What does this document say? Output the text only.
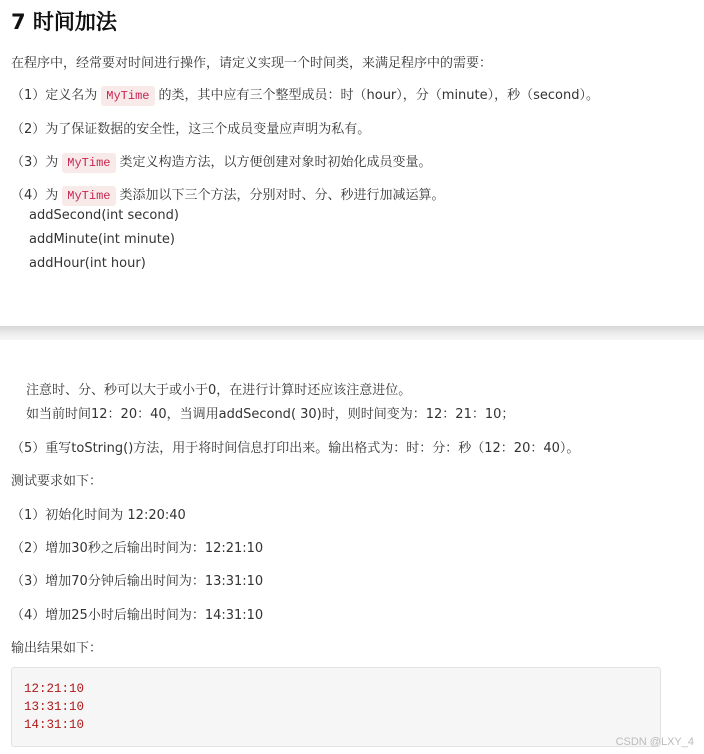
7 时间加法
在程序中，经常要对时间进行操作，请定义实现一个时间类，来满足程序中的需要：
（1）定义名为 MyTime 的类，其中应有三个整型成员：时（hour），分（minute），秒（second）。
（2）为了保证数据的安全性，这三个成员变量应声明为私有。
（3）为 MyTime 类定义构造方法，以方便创建对象时初始化成员变量。
（4）为 MyTime 类添加以下三个方法，分别对时、分、秒进行加减运算。
addSecond(int second)
addMinute(int minute)
addHour(int hour)
注意时、分、秒可以大于或小于0，在进行计算时还应该注意进位。
如当前时间12：20：40，当调用addSecond( 30)时，则时间变为：12：21：10；
（5）重写toString()方法，用于将时间信息打印出来。输出格式为：时：分：秒（12：20：40）。
测试要求如下：
（1）初始化时间为 12:20:40
（2）增加30秒之后输出时间为：12:21:10
（3）增加70分钟后输出时间为：13:31:10
（4）增加25小时后输出时间为：14:31:10
输出结果如下：
12:21:10
13:31:10
14:31:10
CSDN @LXY_4
